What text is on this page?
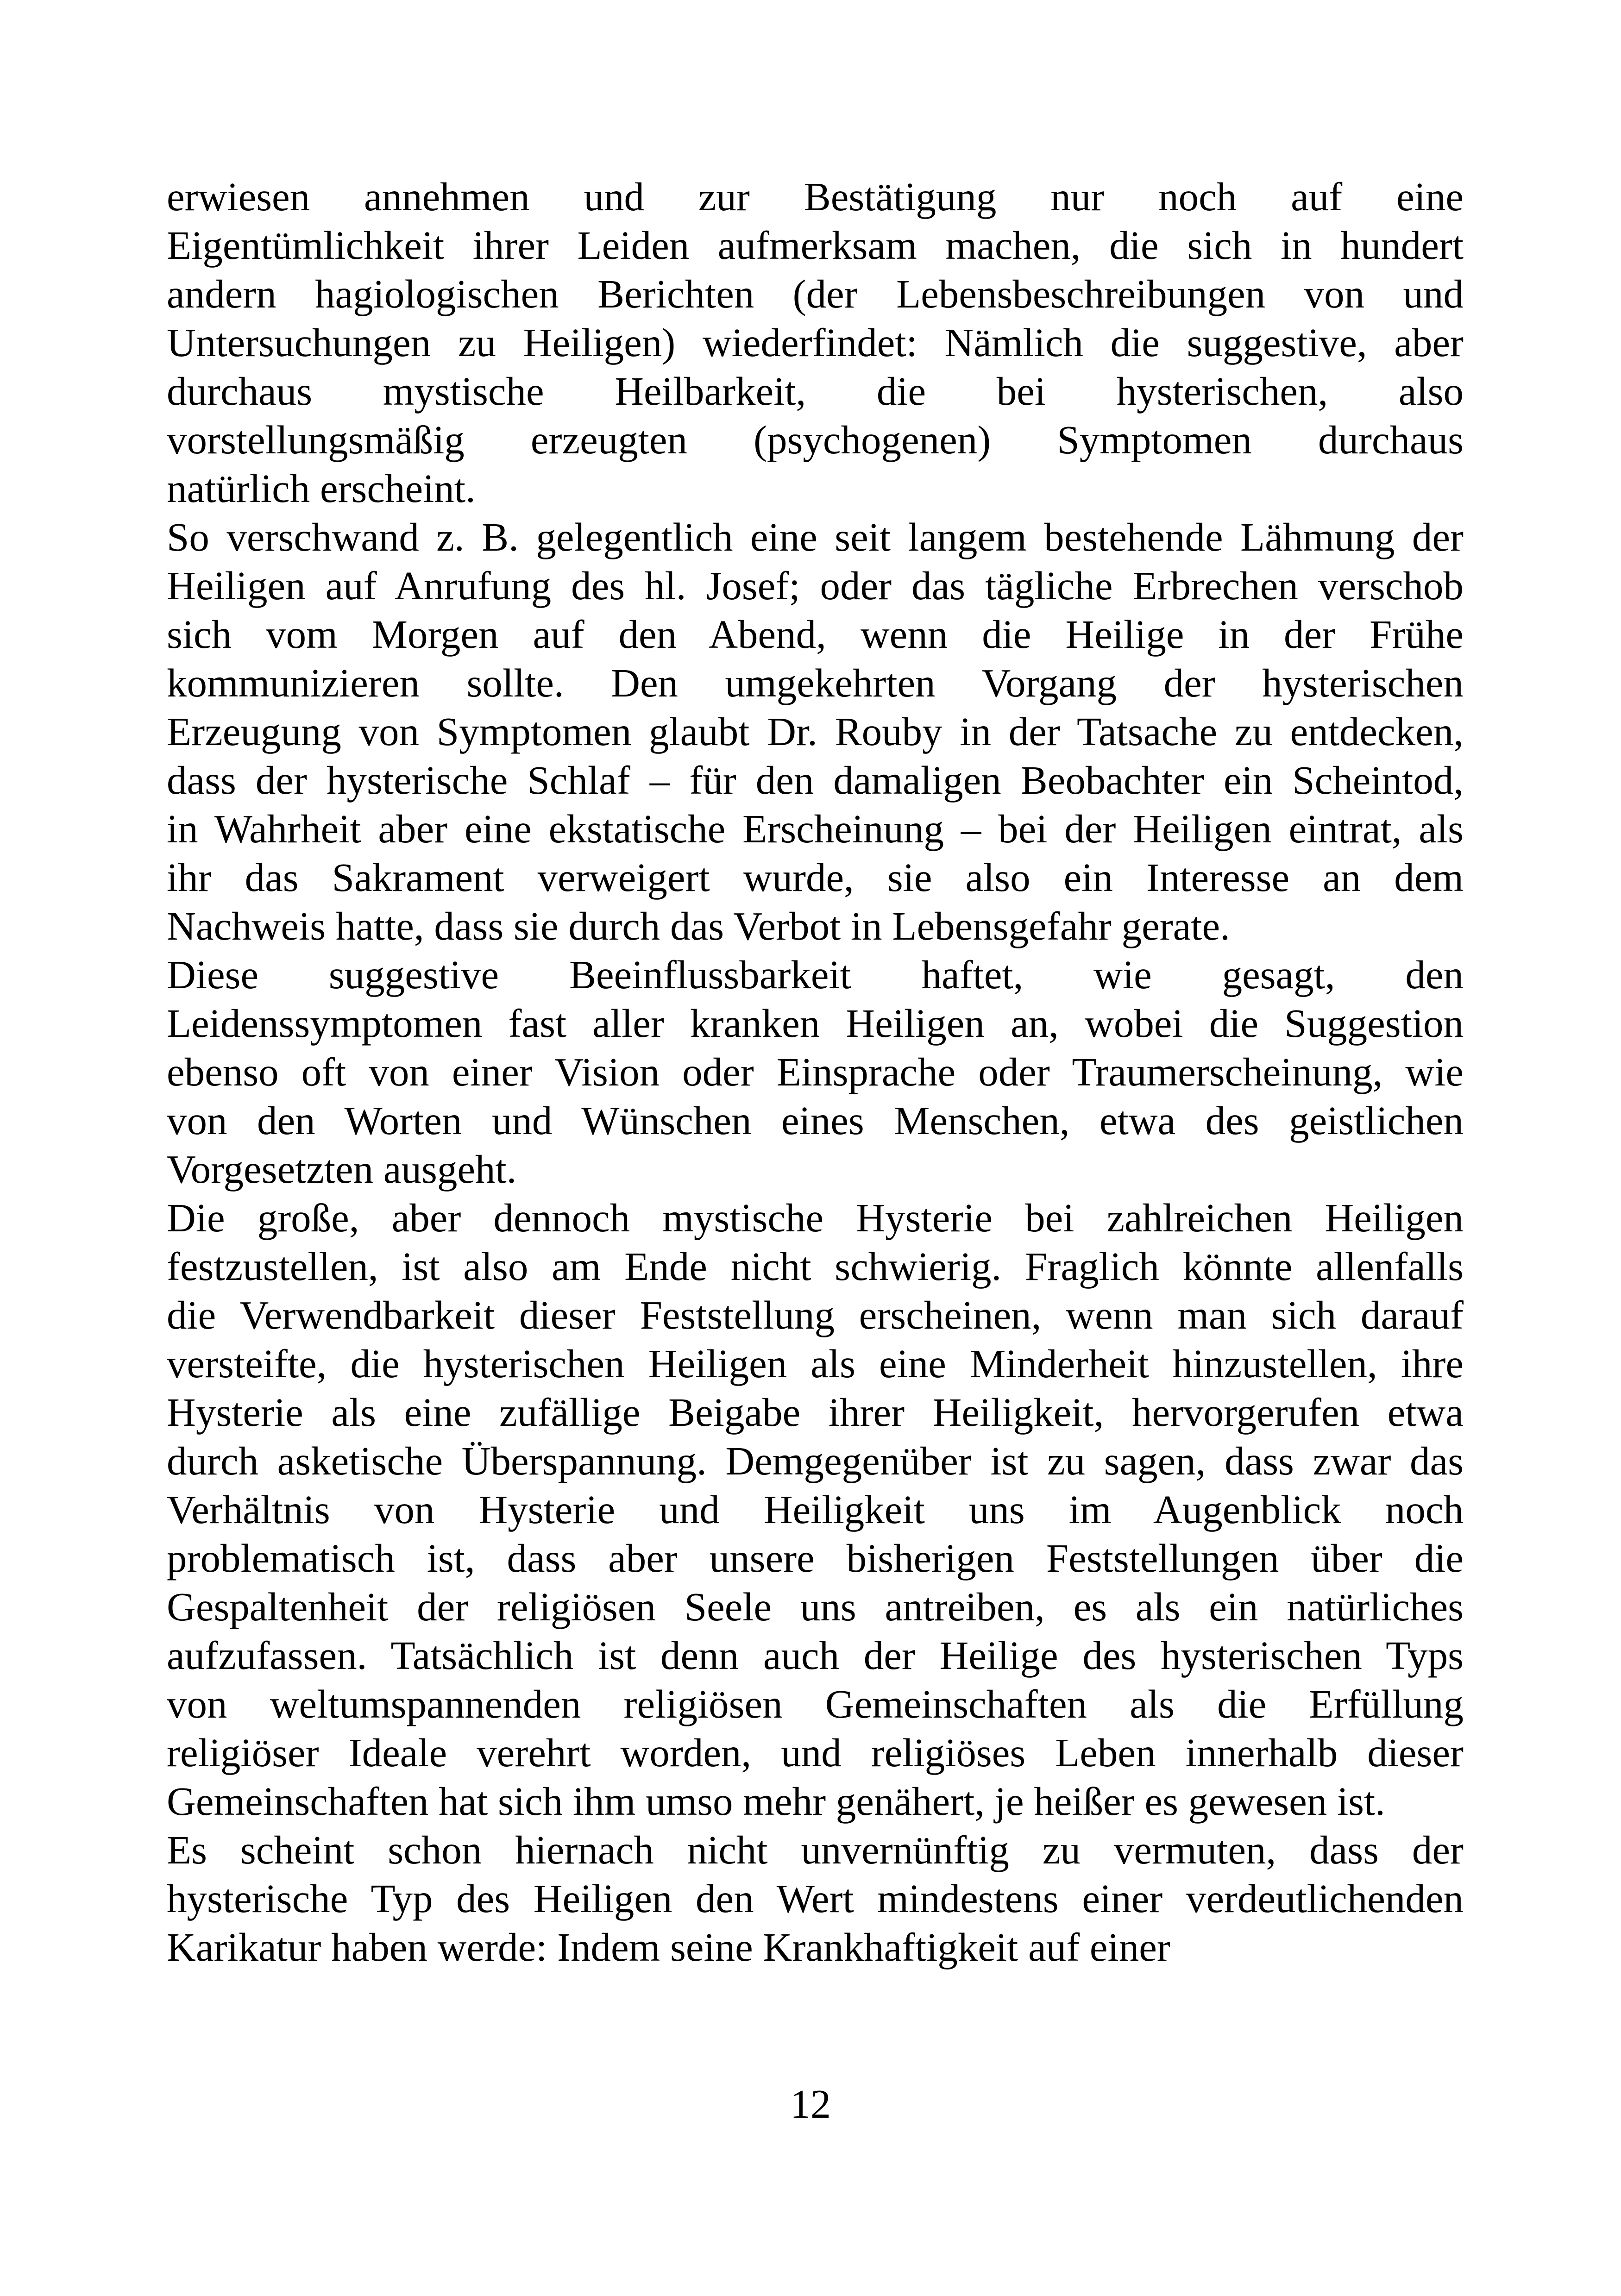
erwiesen annehmen und zur Bestätigung nur noch auf eine
Eigentümlichkeit ihrer Leiden aufmerksam machen, die sich in hundert
andern hagiologischen Berichten (der Lebensbeschreibungen von und
Untersuchungen zu Heiligen) wiederfindet: Nämlich die suggestive, aber
durchaus mystische Heilbarkeit, die bei hysterischen, also
vorstellungsmäßig erzeugten (psychogenen) Symptomen durchaus
natürlich erscheint.
So verschwand z. B. gelegentlich eine seit langem bestehende Lähmung der
Heiligen auf Anrufung des hl. Josef; oder das tägliche Erbrechen verschob
sich vom Morgen auf den Abend, wenn die Heilige in der Frühe
kommunizieren sollte. Den umgekehrten Vorgang der hysterischen
Erzeugung von Symptomen glaubt Dr. Rouby in der Tatsache zu entdecken,
dass der hysterische Schlaf – für den damaligen Beobachter ein Scheintod,
in Wahrheit aber eine ekstatische Erscheinung – bei der Heiligen eintrat, als
ihr das Sakrament verweigert wurde, sie also ein Interesse an dem
Nachweis hatte, dass sie durch das Verbot in Lebensgefahr gerate.
Diese suggestive Beeinflussbarkeit haftet, wie gesagt, den
Leidenssymptomen fast aller kranken Heiligen an, wobei die Suggestion
ebenso oft von einer Vision oder Einsprache oder Traumerscheinung, wie
von den Worten und Wünschen eines Menschen, etwa des geistlichen
Vorgesetzten ausgeht.
Die große, aber dennoch mystische Hysterie bei zahlreichen Heiligen
festzustellen, ist also am Ende nicht schwierig. Fraglich könnte allenfalls
die Verwendbarkeit dieser Feststellung erscheinen, wenn man sich darauf
versteifte, die hysterischen Heiligen als eine Minderheit hinzustellen, ihre
Hysterie als eine zufällige Beigabe ihrer Heiligkeit, hervorgerufen etwa
durch asketische Überspannung. Demgegenüber ist zu sagen, dass zwar das
Verhältnis von Hysterie und Heiligkeit uns im Augenblick noch
problematisch ist, dass aber unsere bisherigen Feststellungen über die
Gespaltenheit der religiösen Seele uns antreiben, es als ein natürliches
aufzufassen. Tatsächlich ist denn auch der Heilige des hysterischen Typs
von weltumspannenden religiösen Gemeinschaften als die Erfüllung
religiöser Ideale verehrt worden, und religiöses Leben innerhalb dieser
Gemeinschaften hat sich ihm umso mehr genähert, je heißer es gewesen ist.
Es scheint schon hiernach nicht unvernünftig zu vermuten, dass der
hysterische Typ des Heiligen den Wert mindestens einer verdeutlichenden
Karikatur haben werde: Indem seine Krankhaftigkeit auf einer
12
